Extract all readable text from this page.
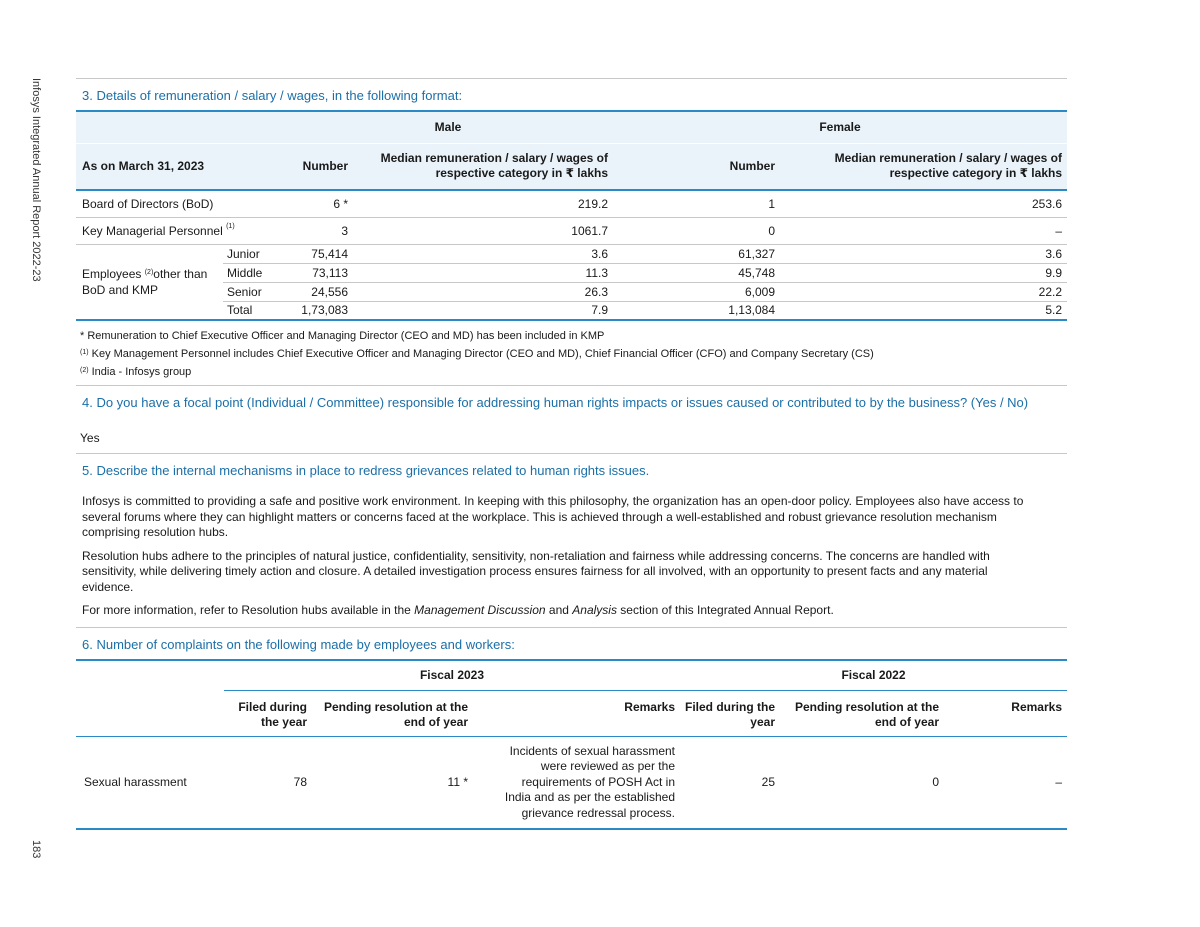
Infosys Integrated Annual Report 2022-23
183
3. Details of remuneration / salary / wages, in the following format:
		Male		Female	
As on March 31, 2023		Number	Median remuneration / salary / wages of respective category in ₹ lakhs	Number	Median remuneration / salary / wages of respective category in ₹ lakhs
Board of Directors (BoD)		6 *	219.2	1	253.6
Key Managerial Personnel $^{(1)}$		3	1061.7	0	–
Employees $^{(2)}$other than BoD and KMP	Junior	75,414	3.6	61,327	3.6
	Middle	73,113	11.3	45,748	9.9
	Senior	24,556	26.3	6,009	22.2
	Total	1,73,083	7.9	1,13,084	5.2
* Remuneration to Chief Executive Officer and Managing Director (CEO and MD) has been included in KMP
$^{(1)}$ Key Management Personnel includes Chief Executive Officer and Managing Director (CEO and MD), Chief Financial Officer (CFO) and Company Secretary (CS)
$^{(2)}$ India - Infosys group
4. Do you have a focal point (Individual / Committee) responsible for addressing human rights impacts or issues caused or contributed to by the business? (Yes / No)
Yes
5. Describe the internal mechanisms in place to redress grievances related to human rights issues.
Infosys is committed to providing a safe and positive work environment. In keeping with this philosophy, the organization has an open-door policy. Employees also have access to several forums where they can highlight matters or concerns faced at the workplace. This is achieved through a well-established and robust grievance resolution mechanism comprising resolution hubs.
Resolution hubs adhere to the principles of natural justice, confidentiality, sensitivity, non-retaliation and fairness while addressing concerns. The concerns are handled with sensitivity, while delivering timely action and closure. A detailed investigation process ensures fairness for all involved, with an opportunity to present facts and any material evidence.
For more information, refer to Resolution hubs available in the Management Discussion and Analysis section of this Integrated Annual Report.
6. Number of complaints on the following made by employees and workers:
	Fiscal 2023			Fiscal 2022		
	Filed during the year	Pending resolution at the end of year	Remarks	Filed during the year	Pending resolution at the end of year	Remarks
Sexual harassment	78	11 *	Incidents of sexual harassment were reviewed as per the requirements of POSH Act in India and as per the established grievance redressal process.	25	0	–
